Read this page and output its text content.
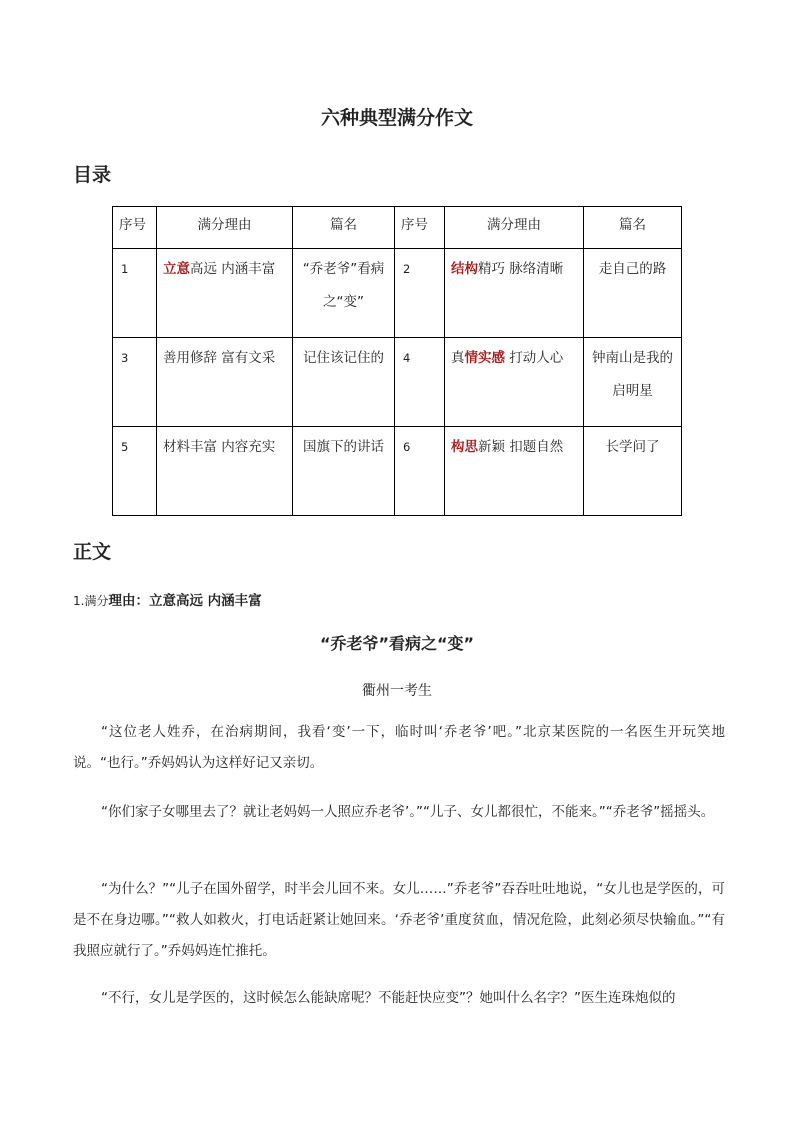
六种典型满分作文
目录
序号	满分理由	篇名	序号	满分理由	篇名
1	立意高远 内涵丰富	“乔老爷”看病之“变”	2	结构精巧 脉络清晰	走自己的路
3	善用修辞 富有文采	记住该记住的	4	真情实感 打动人心	钟南山是我的启明星
5	材料丰富 内容充实	国旗下的讲话	6	构思新颖 扣题自然	长学问了
正文
1.满分理由：立意高远 内涵丰富
“乔老爷”看病之“变”
衢州一考生
“这位老人姓乔，在治病期间，我看‘变’一下，临时叫‘乔老爷’吧。”北京某医院的一名医生开玩笑地说。“也行。”乔妈妈认为这样好记又亲切。
“你们家子女哪里去了？就让老妈妈一人照应乔老爷’。”“儿子、女儿都很忙，不能来。”“乔老爷”摇摇头。
“为什么？”“儿子在国外留学，时半会儿回不来。女儿……”乔老爷”吞吞吐吐地说，“女儿也是学医的，可是不在身边哪。”“救人如救火，打电话赶紧让她回来。‘乔老爷’重度贫血，情况危险，此刻必须尽快输血。”“有我照应就行了。”乔妈妈连忙推托。
“不行，女儿是学医的，这时候怎么能缺席呢？不能赶快应变”？她叫什么名字？”医生连珠炮似的
